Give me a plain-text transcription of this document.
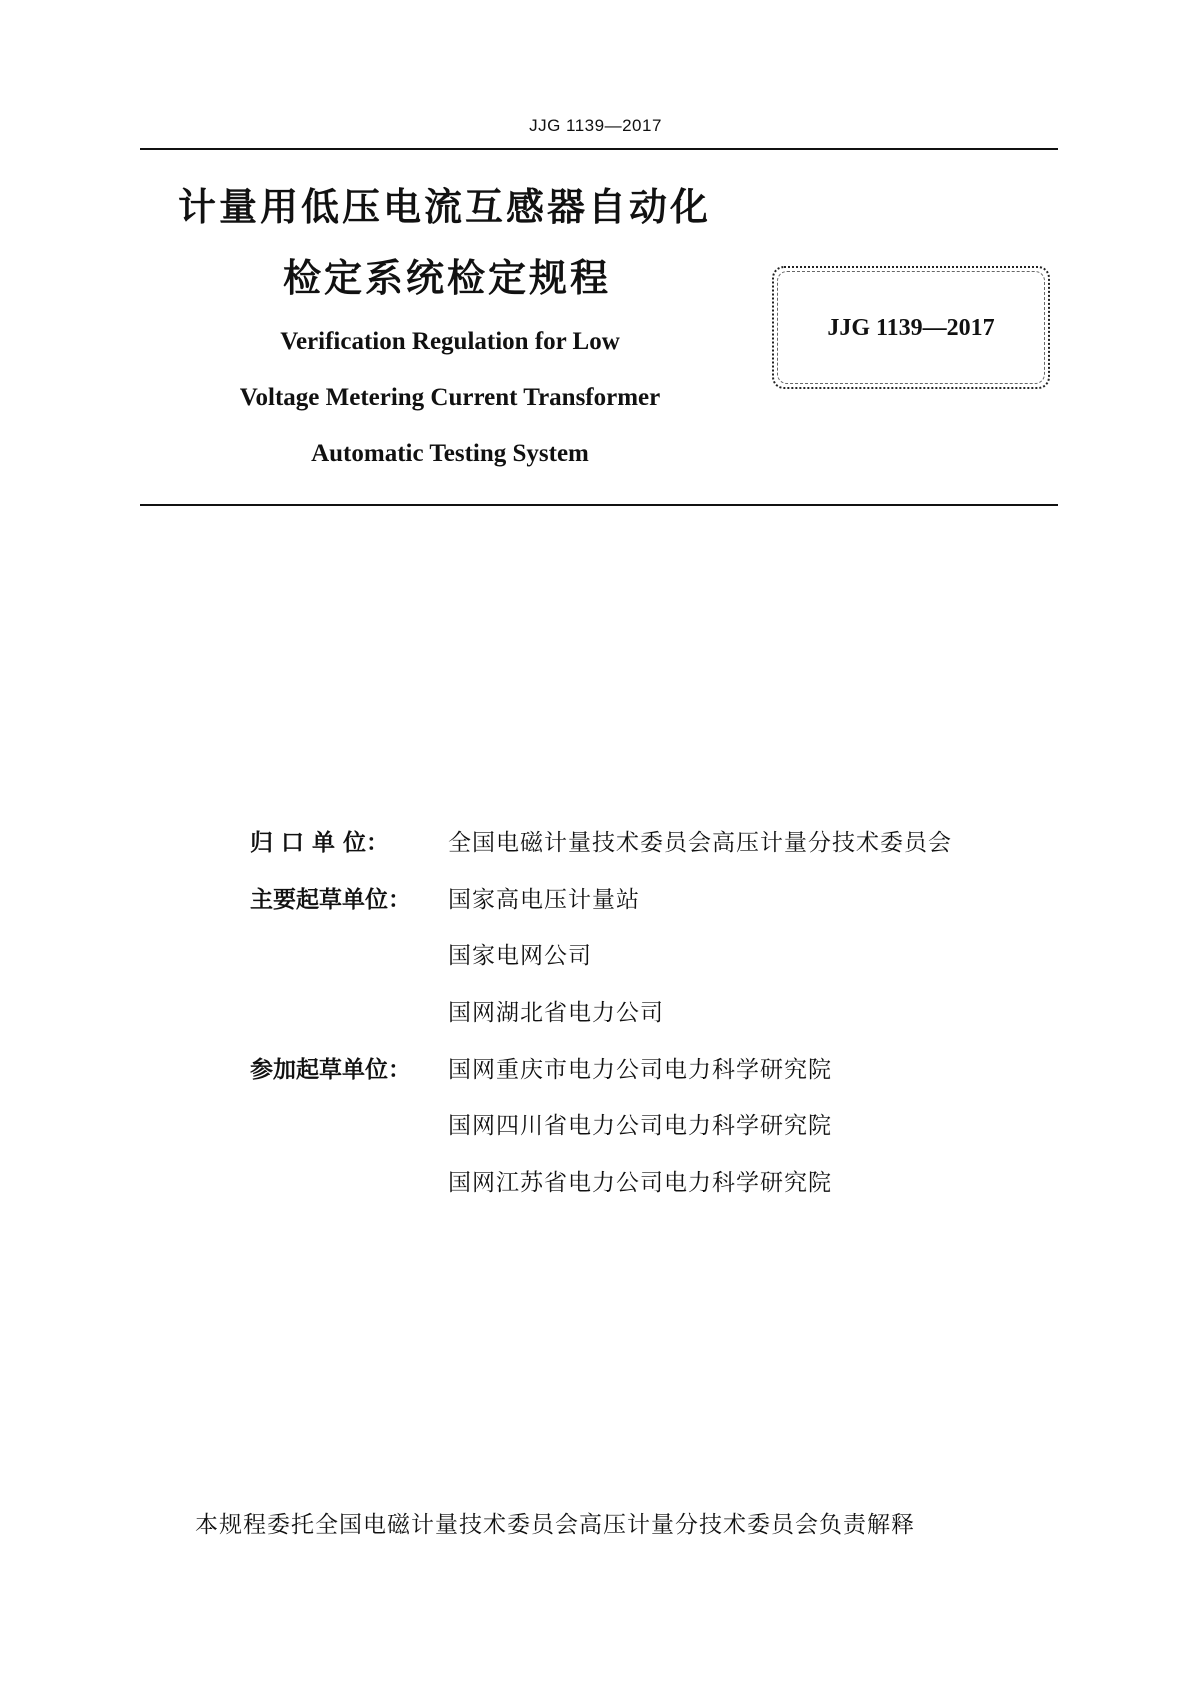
JJG 1139—2017
计量用低压电流互感器自动化
检定系统检定规程
Verification Regulation for Low
Voltage Metering Current Transformer
Automatic Testing System
JJG 1139—2017
归 口 单 位：	全国电磁计量技术委员会高压计量分技术委员会
主要起草单位：	国家高电压计量站
国家电网公司
国网湖北省电力公司
参加起草单位：	国网重庆市电力公司电力科学研究院
国网四川省电力公司电力科学研究院
国网江苏省电力公司电力科学研究院
本规程委托全国电磁计量技术委员会高压计量分技术委员会负责解释
